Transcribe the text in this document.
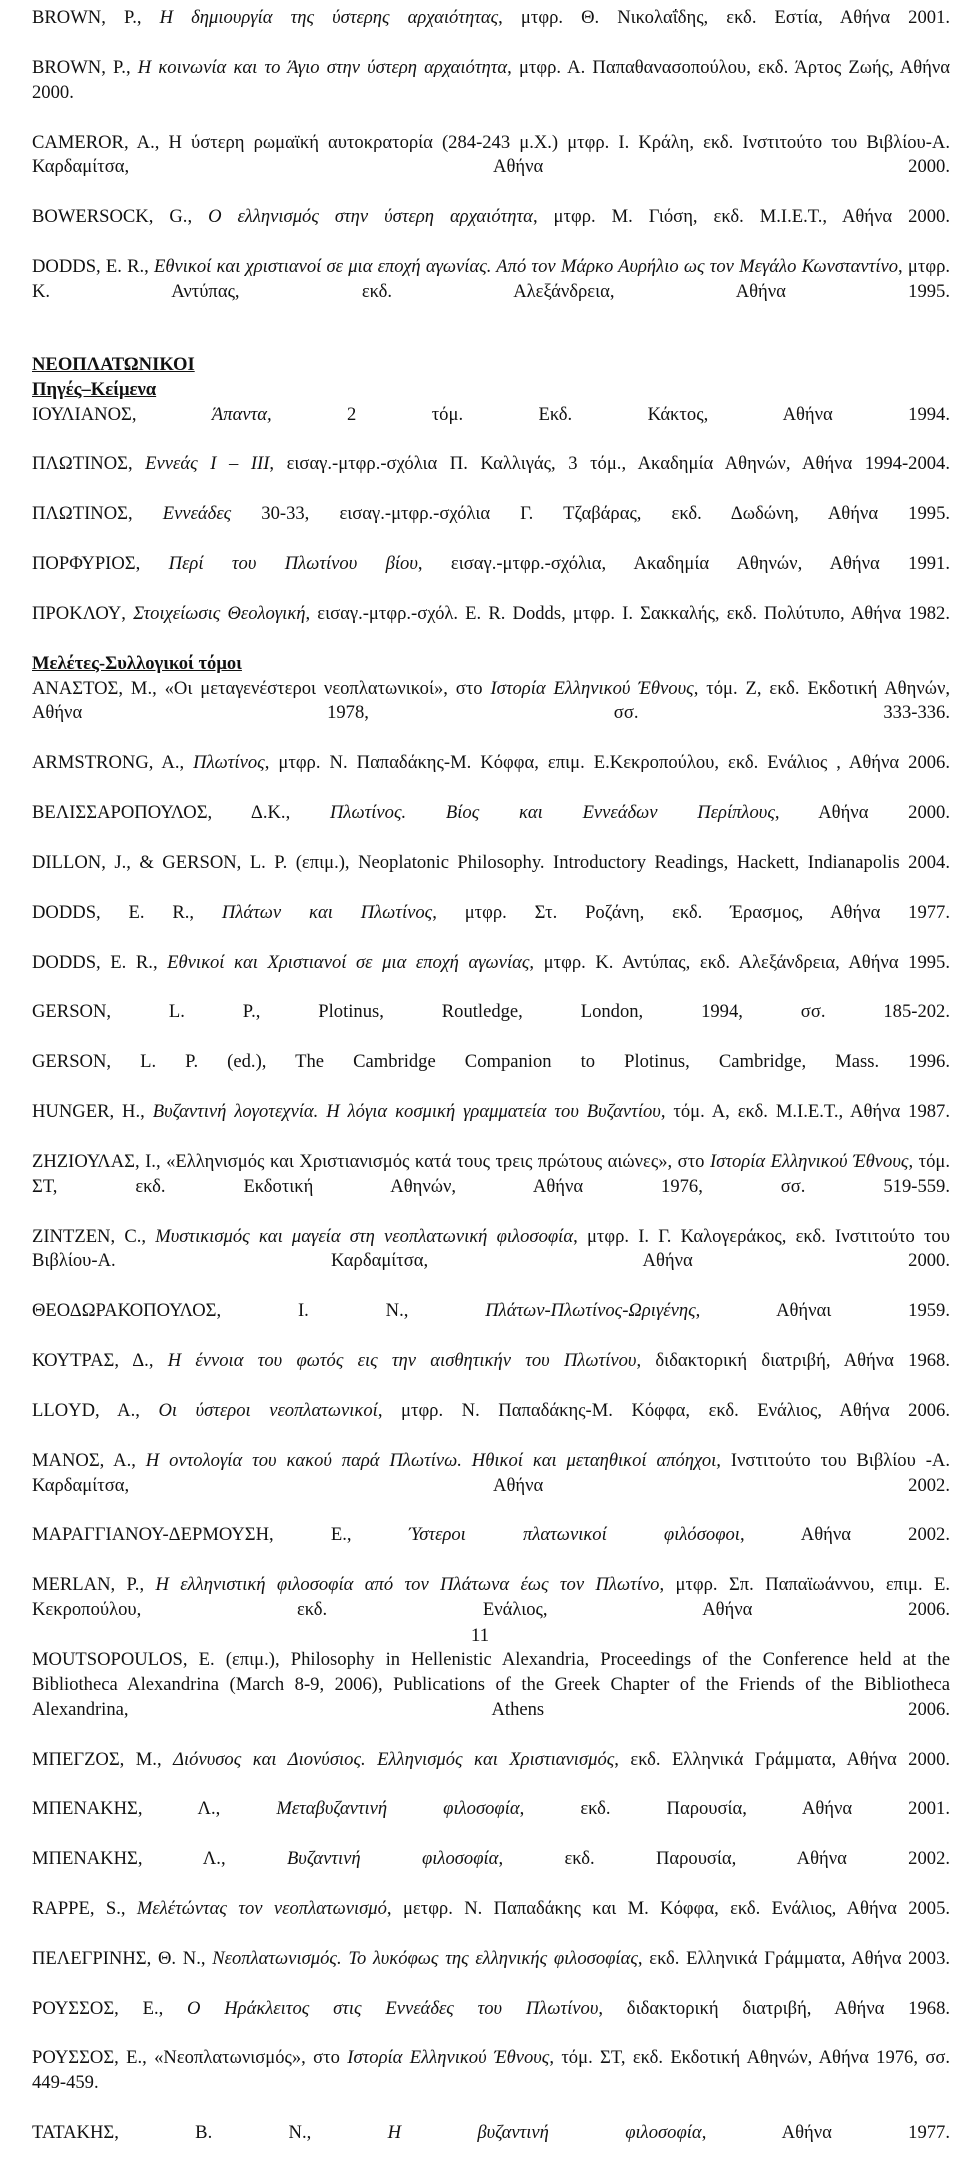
BROWN, P., Η δημιουργία της ύστερης αρχαιότητας, μτφρ. Θ. Νικολαΐδης, εκδ. Εστία, Αθήνα 2001.

BROWN, P., Η κοινωνία και το Άγιο στην ύστερη αρχαιότητα, μτφρ. Α. Παπαθανασοπούλου, εκδ. Άρτος Ζωής, Αθήνα 2000.

CAMEROR, A., Η ύστερη ρωμαϊκή αυτοκρατορία (284-243 μ.Χ.) μτφρ. Ι. Κράλη, εκδ. Ινστιτούτο του Βιβλίου-Α. Καρδαμίτσα, Αθήνα 2000.

BOWERSOCK, G., Ο ελληνισμός στην ύστερη αρχαιότητα, μτφρ. Μ. Γιόση, εκδ. Μ.Ι.Ε.Τ., Αθήνα 2000.

DODDS, E. R., Εθνικοί και χριστιανοί σε μια εποχή αγωνίας. Από τον Μάρκο Αυρήλιο ως τον Μεγάλο Κωνσταντίνο, μτφρ. Κ. Αντύπας, εκδ. Αλεξάνδρεια, Αθήνα 1995.

ΝΕΟΠΛΑΤΩΝΙΚΟΙ

Πηγές–Κείμενα

ΙΟΥΛΙΑΝΟΣ, Άπαντα, 2 τόμ. Εκδ. Κάκτος, Αθήνα 1994.

ΠΛΩΤΙΝΟΣ, Εννεάς Ι – ΙΙΙ, εισαγ.-μτφρ.-σχόλια Π. Καλλιγάς, 3 τόμ., Ακαδημία Αθηνών, Αθήνα 1994-2004.

ΠΛΩΤΙΝΟΣ, Εννεάδες 30-33, εισαγ.-μτφρ.-σχόλια Γ. Τζαβάρας, εκδ. Δωδώνη, Αθήνα 1995.

ΠΟΡΦΥΡΙΟΣ, Περί του Πλωτίνου βίου, εισαγ.-μτφρ.-σχόλια, Ακαδημία Αθηνών, Αθήνα 1991.

ΠΡΟΚΛΟΥ, Στοιχείωσις Θεολογική, εισαγ.-μτφρ.-σχόλ. E. R. Dodds, μτφρ. Ι. Σακκαλής, εκδ. Πολύτυπο, Αθήνα 1982.

Μελέτες-Συλλογικοί τόμοι

ΑΝΑΣΤΟΣ, Μ., «Οι μεταγενέστεροι νεοπλατωνικοί», στο Ιστορία Ελληνικού Έθνους, τόμ. Ζ, εκδ. Εκδοτική Αθηνών, Αθήνα 1978, σσ. 333-336.

ARMSTRONG, A., Πλωτίνος, μτφρ. Ν. Παπαδάκης-Μ. Κόφφα, επιμ. Ε.Κεκροπούλου, εκδ. Ενάλιος , Αθήνα 2006.

ΒΕΛΙΣΣΑΡΟΠΟΥΛΟΣ, Δ.Κ., Πλωτίνος. Βίος και Εννεάδων Περίπλους, Αθήνα 2000.

DILLON, J., & GERSON, L. P. (επιμ.), Neoplatonic Philosophy. Introductory Readings, Hackett, Indianapolis 2004.

DODDS, E. R., Πλάτων και Πλωτίνος, μτφρ. Στ. Ροζάνη, εκδ. Έρασμος, Αθήνα 1977.

DODDS, E. R., Εθνικοί και Χριστιανοί σε μια εποχή αγωνίας, μτφρ. Κ. Αντύπας, εκδ. Αλεξάνδρεια, Αθήνα 1995.

GERSON, L. P., Plotinus, Routledge, London, 1994, σσ. 185-202.

GERSON, L. P. (ed.), The Cambridge Companion to Plotinus, Cambridge, Mass. 1996.

HUNGER, H., Βυζαντινή λογοτεχνία. Η λόγια κοσμική γραμματεία του Βυζαντίου, τόμ. Α, εκδ. Μ.Ι.Ε.Τ., Αθήνα 1987.

ΖΗΖΙΟΥΛΑΣ, Ι., «Ελληνισμός και Χριστιανισμός κατά τους τρεις πρώτους αιώνες», στο Ιστορία Ελληνικού Έθνους, τόμ. ΣΤ, εκδ. Εκδοτική Αθηνών, Αθήνα 1976, σσ. 519-559.

ZINTZEN, C., Μυστικισμός και μαγεία στη νεοπλατωνική φιλοσοφία, μτφρ. Ι. Γ. Καλογεράκος, εκδ. Ινστιτούτο του Βιβλίου-Α. Καρδαμίτσα, Αθήνα 2000.

ΘΕΟΔΩΡΑΚΟΠΟΥΛΟΣ, Ι. Ν., Πλάτων-Πλωτίνος-Ωριγένης, Αθήναι 1959.

ΚΟΥΤΡΑΣ, Δ., Η έννοια του φωτός εις την αισθητικήν του Πλωτίνου, διδακτορική διατριβή, Αθήνα 1968.

LLOYD, A., Οι ύστεροι νεοπλατωνικοί, μτφρ. Ν. Παπαδάκης-Μ. Κόφφα, εκδ. Ενάλιος, Αθήνα 2006.

ΜΑΝΟΣ, Α., Η οντολογία του κακού παρά Πλωτίνω. Ηθικοί και μεταηθικοί απόηχοι, Ινστιτούτο του Βιβλίου -Α. Καρδαμίτσα, Αθήνα 2002.

ΜΑΡΑΓΓΙΑΝΟΥ-ΔΕΡΜΟΥΣΗ, Ε., Ύστεροι πλατωνικοί φιλόσοφοι, Αθήνα 2002.

MERLAN, P., Η ελληνιστική φιλοσοφία από τον Πλάτωνα έως τον Πλωτίνο, μτφρ. Σπ. Παπαϊωάννου, επιμ. Ε. Κεκροπούλου, εκδ. Ενάλιος, Αθήνα 2006.

MOUTSOPOULOS, E. (επιμ.), Philosophy in Hellenistic Alexandria, Proceedings of the Conference held at the Bibliotheca Alexandrina (March 8-9, 2006), Publications of the Greek Chapter of the Friends of the Bibliotheca Alexandrina, Athens 2006.

ΜΠΕΓΖΟΣ, Μ., Διόνυσος και Διονύσιος. Ελληνισμός και Χριστιανισμός, εκδ. Ελληνικά Γράμματα, Αθήνα 2000.

ΜΠΕΝΑΚΗΣ, Λ., Μεταβυζαντινή φιλοσοφία, εκδ. Παρουσία, Αθήνα 2001.

ΜΠΕΝΑΚΗΣ, Λ., Βυζαντινή φιλοσοφία, εκδ. Παρουσία, Αθήνα 2002.

RAPPE, S., Μελέτώντας τον νεοπλατωνισμό, μετφρ. Ν. Παπαδάκης και Μ. Κόφφα, εκδ. Ενάλιος, Αθήνα 2005.

ΠΕΛΕΓΡΙΝΗΣ, Θ. Ν., Νεοπλατωνισμός. Το λυκόφως της ελληνικής φιλοσοφίας, εκδ. Ελληνικά Γράμματα, Αθήνα 2003.

ΡΟΥΣΣΟΣ, Ε., Ο Ηράκλειτος στις Εννεάδες του Πλωτίνου, διδακτορική διατριβή, Αθήνα 1968.

ΡΟΥΣΣΟΣ, Ε., «Νεοπλατωνισμός», στο Ιστορία Ελληνικού Έθνους, τόμ. ΣΤ, εκδ. Εκδοτική Αθηνών, Αθήνα 1976, σσ. 449-459.

ΤΑΤΑΚΗΣ, Β. Ν., Η βυζαντινή φιλοσοφία, Αθήνα 1977.

11
